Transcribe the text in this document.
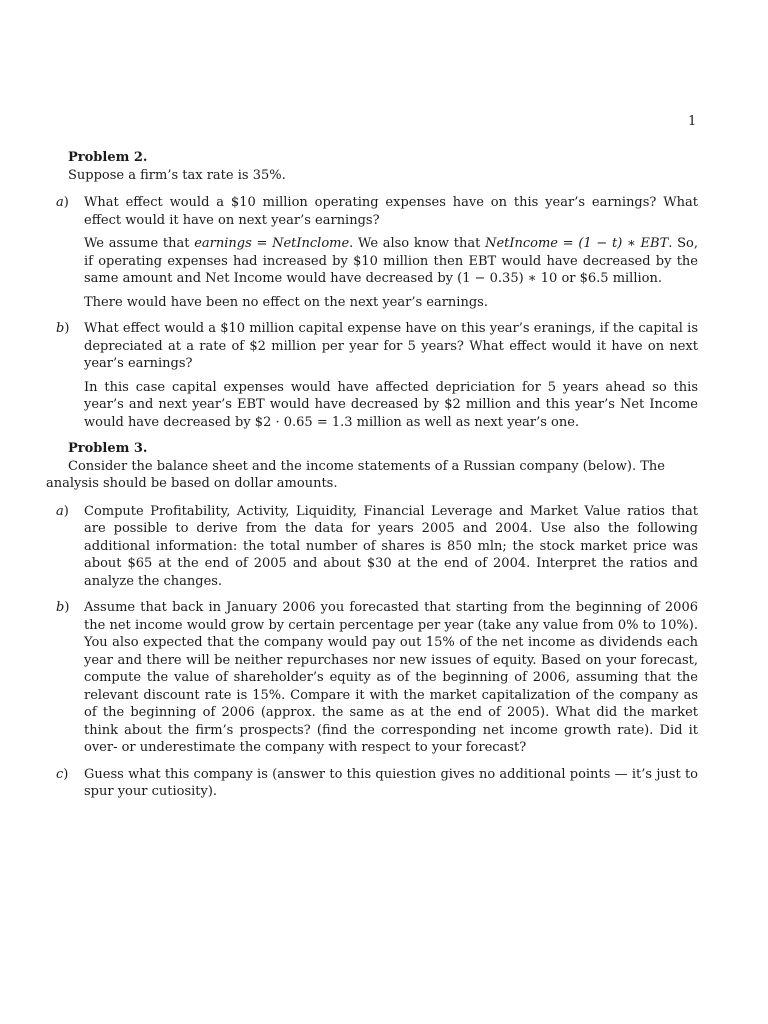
1
Problem 2.
Suppose a firm’s tax rate is 35%.
a) What effect would a $10 million operating expenses have on this year’s earnings? What effect would it have on next year’s earnings?

We assume that earnings = NetInclome. We also know that NetIncome = (1 − t) ∗ EBT. So, if operating expenses had increased by $10 million then EBT would have decreased by the same amount and Net Income would have decreased by (1 − 0.35) ∗ 10 or $6.5 million.

There would have been no effect on the next year’s earnings.

b) What effect would a $10 million capital expense have on this year’s eranings, if the capital is depreciated at a rate of $2 million per year for 5 years? What effect would it have on next year’s earnings?

In this case capital expenses would have affected depriciation for 5 years ahead so this year’s and next year’s EBT would have decreased by $2 million and this year’s Net Income would have decreased by $2 · 0.65 = 1.3 million as well as next year’s one.

Problem 3.
Consider the balance sheet and the income statements of a Russian company (below). The analysis should be based on dollar amounts.
a) Compute Profitability, Activity, Liquidity, Financial Leverage and Market Value ratios that are possible to derive from the data for years 2005 and 2004. Use also the following additional information: the total number of shares is 850 mln; the stock market price was about $65 at the end of 2005 and about $30 at the end of 2004. Interpret the ratios and analyze the changes.

b) Assume that back in January 2006 you forecasted that starting from the beginning of 2006 the net income would grow by certain percentage per year (take any value from 0% to 10%). You also expected that the company would pay out 15% of the net income as dividends each year and there will be neither repurchases nor new issues of equity. Based on your forecast, compute the value of shareholder’s equity as of the beginning of 2006, assuming that the relevant discount rate is 15%. Compare it with the market capitalization of the company as of the beginning of 2006 (approx. the same as at the end of 2005). What did the market think about the firm’s prospects? (find the corresponding net income growth rate). Did it over- or underestimate the company with respect to your forecast?

c) Guess what this company is (answer to this quiestion gives no additional points — it’s just to spur your cutiosity).
